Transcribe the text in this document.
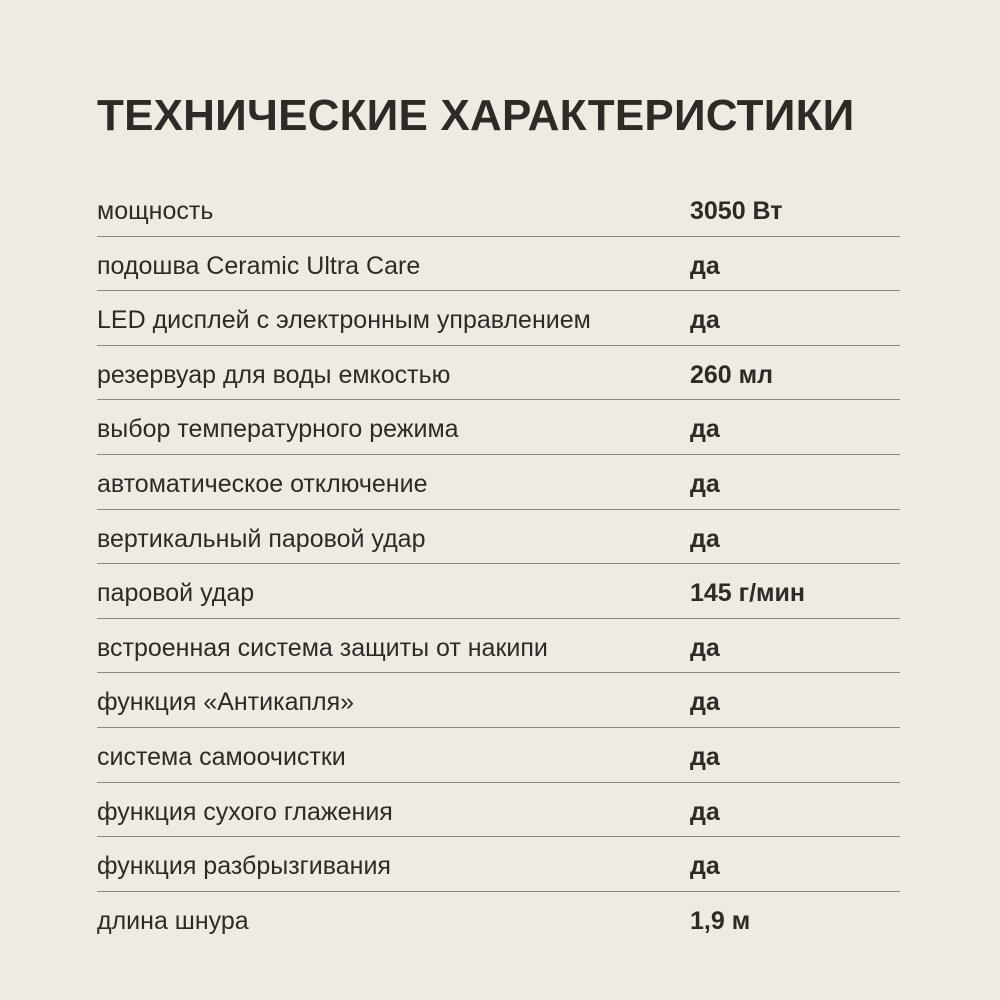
ТЕХНИЧЕСКИЕ ХАРАКТЕРИСТИКИ
мощность	3050 Вт
подошва Ceramic Ultra Care	да
LED дисплей с электронным управлением	да
резервуар для воды емкостью	260 мл
выбор температурного режима	да
автоматическое отключение	да
вертикальный паровой удар	да
паровой удар	145 г/мин
встроенная система защиты от накипи	да
функция «Антикапля»	да
система самоочистки	да
функция сухого глажения	да
функция разбрызгивания	да
длина шнура	1,9 м
